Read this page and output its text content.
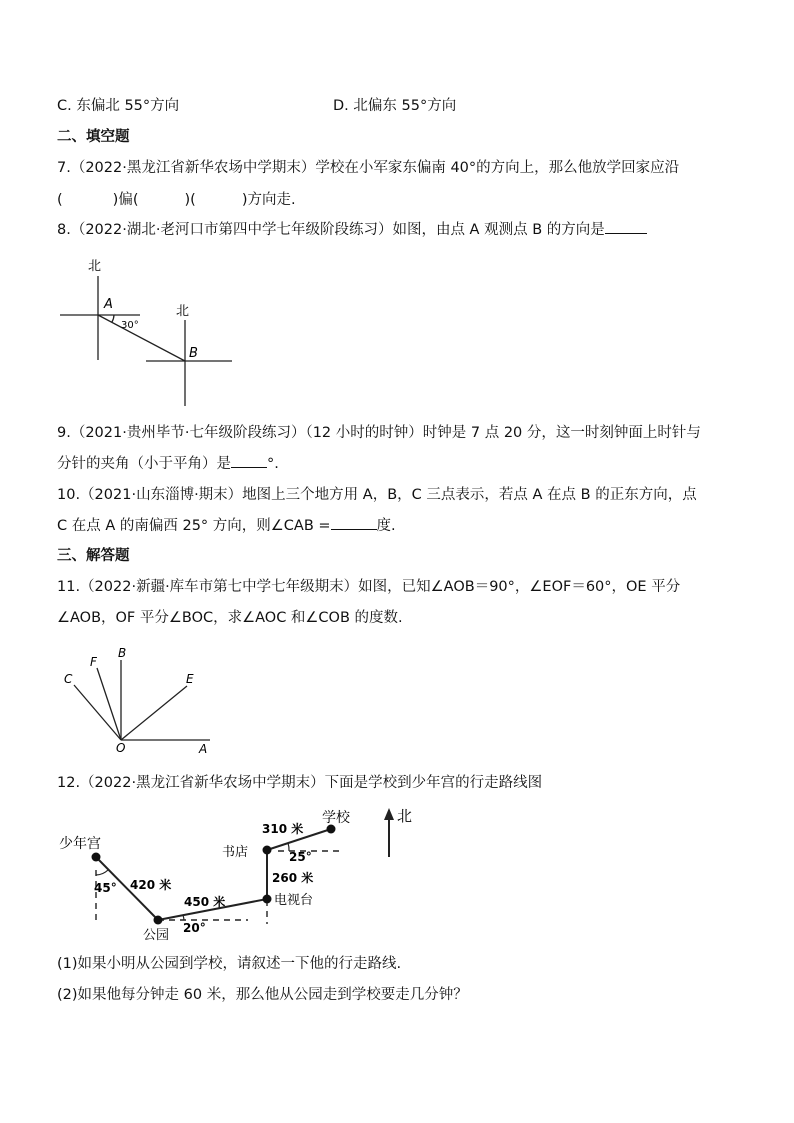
C. 东偏北 55°方向	D. 北偏东 55°方向
二、填空题
7.（2022·黑龙江省新华农场中学期末）学校在小军家东偏南 40°的方向上，那么他放学回家应沿
(	)偏(	)(	)方向走.
8.（2022·湖北·老河口市第四中学七年级阶段练习）如图，由点 A 观测点 B 的方向是
北
北
A
B
30°
9.（2021·贵州毕节·七年级阶段练习）（12 小时的时钟）时钟是 7 点 20 分，这一时刻钟面上时针与
分针的夹角（小于平角）是 °.
10.（2021·山东淄博·期末）地图上三个地方用 A，B，C 三点表示，若点 A 在点 B 的正东方向，点
C 在点 A 的南偏西 25° 方向，则∠CAB =	度.
三、解答题
11.（2022·新疆·库车市第七中学七年级期末）如图，已知∠AOB＝90°，∠EOF＝60°，OE 平分
∠AOB，OF 平分∠BOC，求∠AOC 和∠COB 的度数.
C
F
B
E
O	A
12.（2022·黑龙江省新华农场中学期末）下面是学校到少年宫的行走路线图
少年宫
公园
电视台
书店
学校	北
420 米
450 米
260 米
310 米
45°
20°
25°
(1)如果小明从公园到学校，请叙述一下他的行走路线.
(2)如果他每分钟走 60 米，那么他从公园走到学校要走几分钟？
